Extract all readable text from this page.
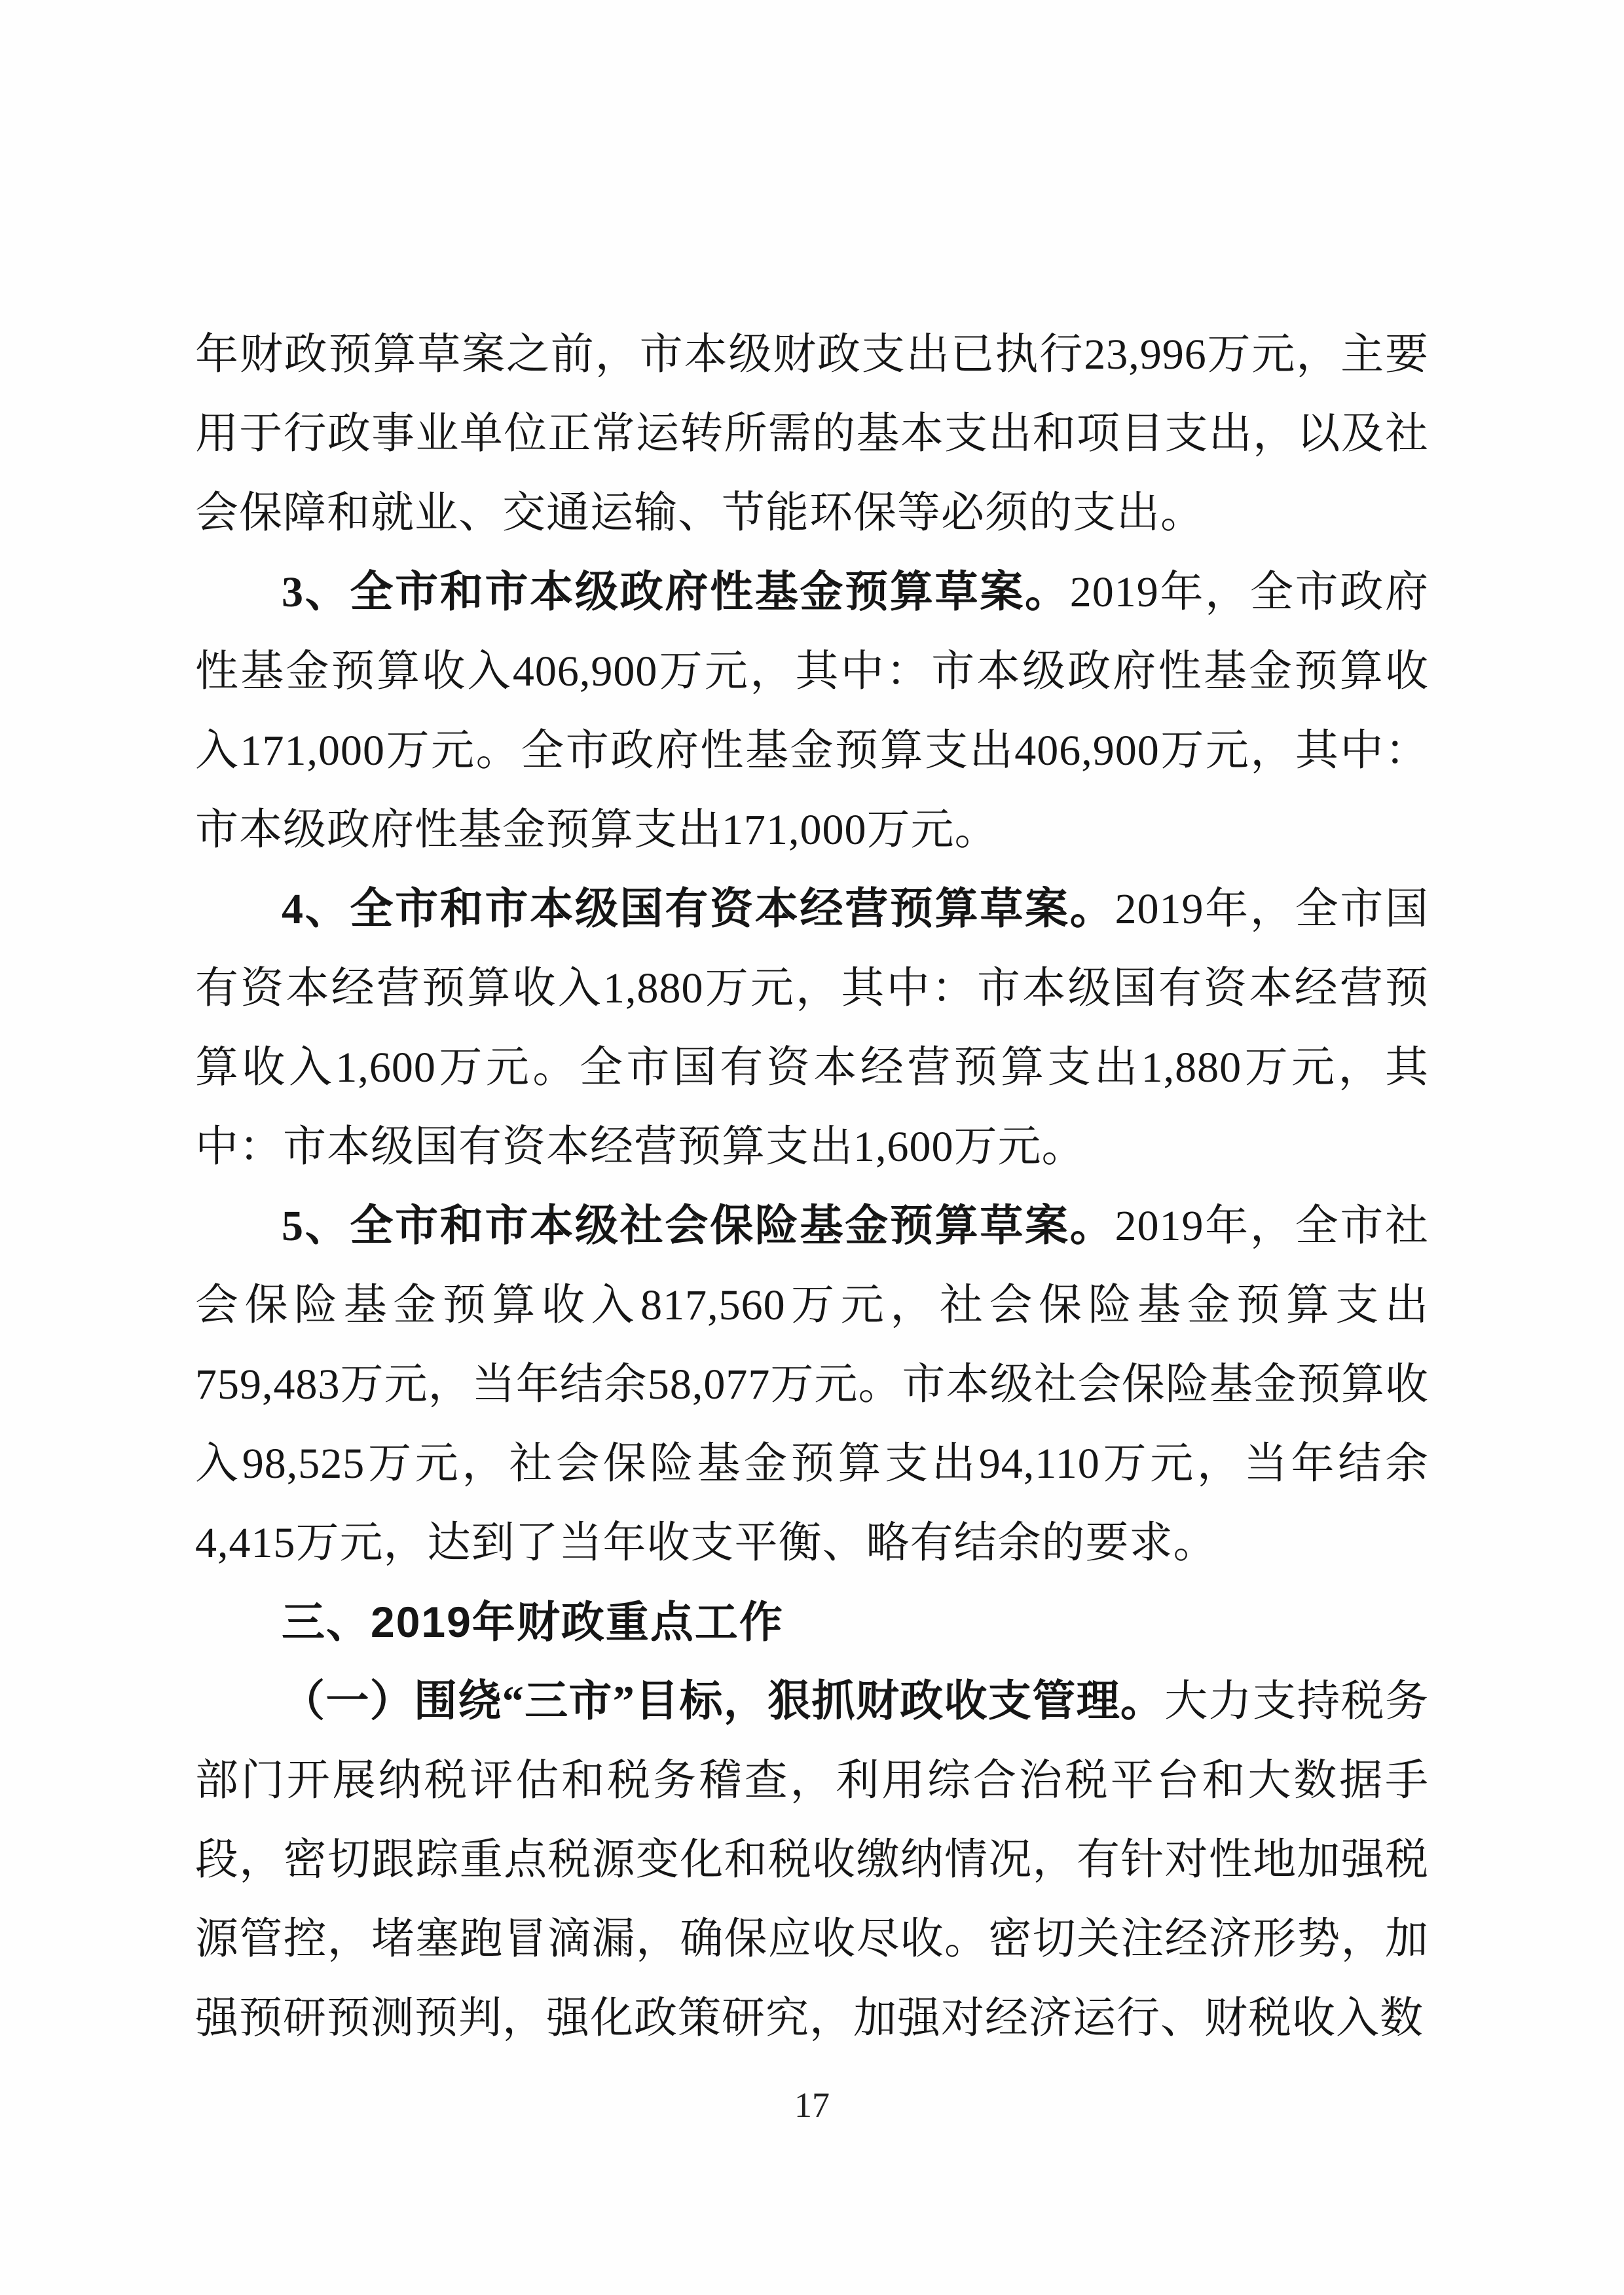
年财政预算草案之前，市本级财政支出已执行23,996万元，主要用于行政事业单位正常运转所需的基本支出和项目支出，以及社会保障和就业、交通运输、节能环保等必须的支出。

3、全市和市本级政府性基金预算草案。2019年，全市政府性基金预算收入406,900万元，其中：市本级政府性基金预算收入171,000万元。全市政府性基金预算支出406,900万元，其中：市本级政府性基金预算支出171,000万元。

4、全市和市本级国有资本经营预算草案。2019年，全市国有资本经营预算收入1,880万元，其中：市本级国有资本经营预算收入1,600万元。全市国有资本经营预算支出1,880万元，其中：市本级国有资本经营预算支出1,600万元。

5、全市和市本级社会保险基金预算草案。2019年，全市社会保险基金预算收入817,560万元，社会保险基金预算支出759,483万元，当年结余58,077万元。市本级社会保险基金预算收入98,525万元，社会保险基金预算支出94,110万元，当年结余4,415万元，达到了当年收支平衡、略有结余的要求。

三、2019年财政重点工作

（一）围绕“三市”目标，狠抓财政收支管理。大力支持税务部门开展纳税评估和税务稽查，利用综合治税平台和大数据手段，密切跟踪重点税源变化和税收缴纳情况，有针对性地加强税源管控，堵塞跑冒滴漏，确保应收尽收。密切关注经济形势，加强预研预测预判，强化政策研究，加强对经济运行、财税收入数

17
